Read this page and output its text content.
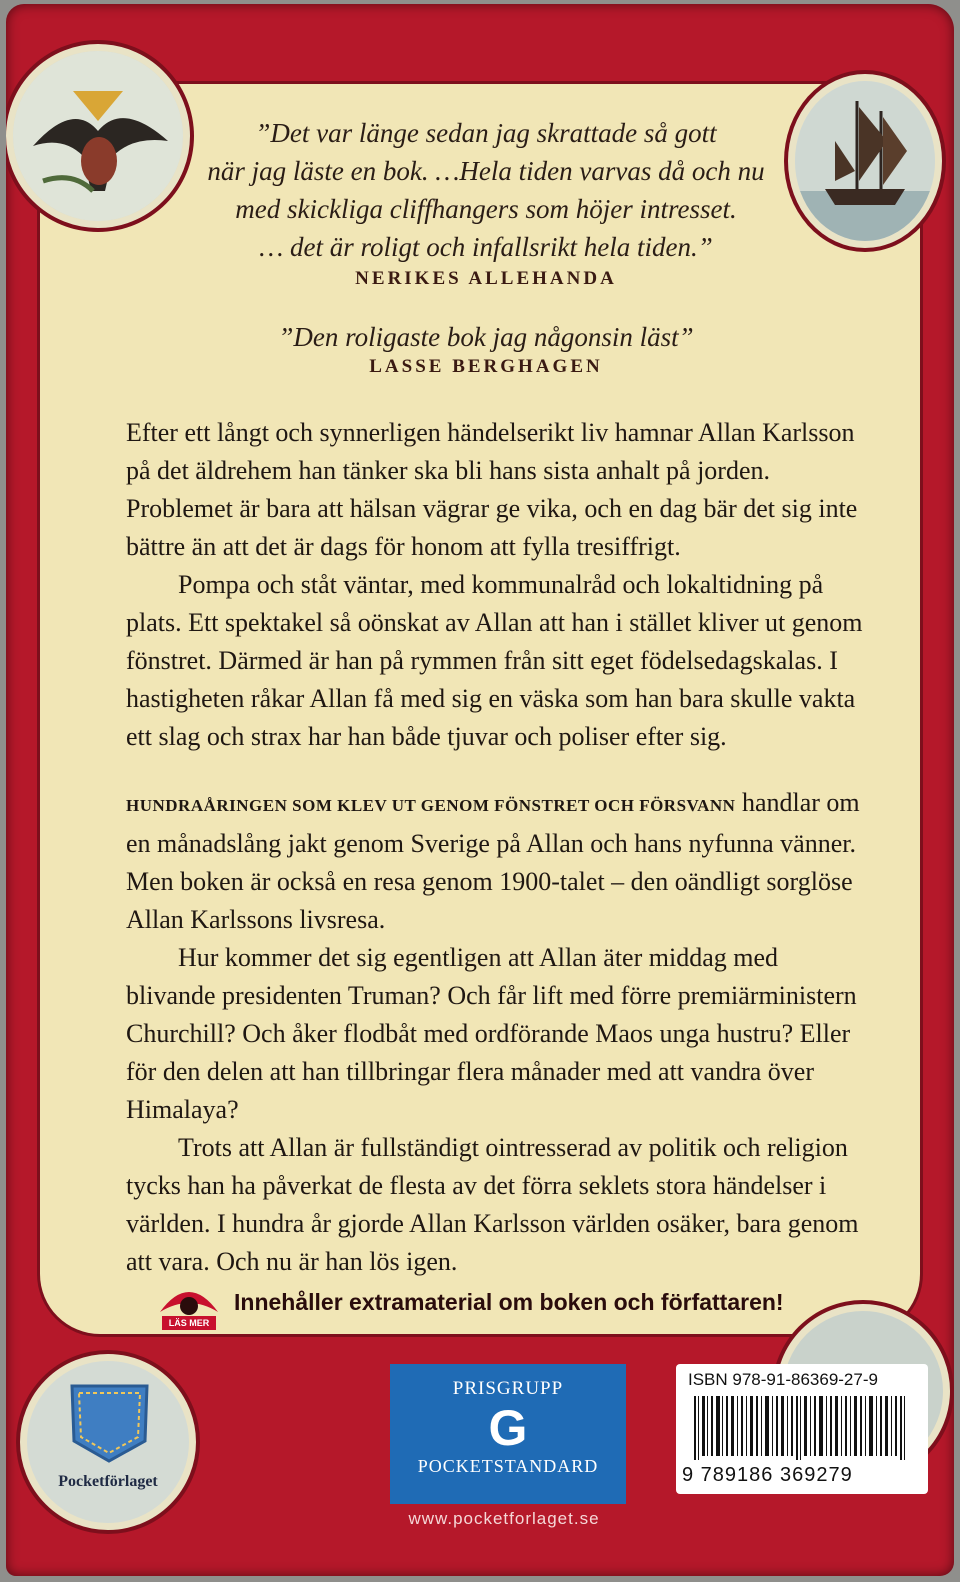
Pocketförlaget
”Det var länge sedan jag skrattade så gott
när jag läste en bok. …Hela tiden varvas då och nu
med skickliga cliffhangers som höjer intresset.
… det är roligt och infallsrikt hela tiden.”
NERIKES ALLEHANDA
”Den roligaste bok jag någonsin läst”
LASSE BERGHAGEN

Efter ett långt och synnerligen händelserikt liv hamnar Allan Karlsson på det äldrehem han tänker ska bli hans sista anhalt på jorden. Problemet är bara att hälsan vägrar ge vika, och en dag bär det sig inte bättre än att det är dags för honom att fylla tresiffrigt.

Pompa och ståt väntar, med kommunalråd och lokaltidning på plats. Ett spektakel så oönskat av Allan att han i stället kliver ut genom fönstret. Därmed är han på rymmen från sitt eget födelsedagskalas. I hastigheten råkar Allan få med sig en väska som han bara skulle vakta ett slag och strax har han både tjuvar och poliser efter sig.

HUNDRAÅRINGEN SOM KLEV UT GENOM FÖNSTRET OCH FÖRSVANN handlar om en månadslång jakt genom Sverige på Allan och hans nyfunna vänner. Men boken är också en resa genom 1900-talet – den oändligt sorglöse Allan Karlssons livsresa.

Hur kommer det sig egentligen att Allan äter middag med blivande presidenten Truman? Och får lift med förre premiärministern Churchill? Och åker flodbåt med ordförande Maos unga hustru? Eller för den delen att han tillbringar flera månader med att vandra över Himalaya?

Trots att Allan är fullständigt ointresserad av politik och religion tycks han ha påverkat de flesta av det förra seklets stora händelser i världen. I hundra år gjorde Allan Karlsson världen osäker, bara genom att vara. Och nu är han lös igen.

LÄS MER
Innehåller extramaterial om boken och författaren!
PRISGRUPP
G
POCKETSTANDARD
www.pocketforlaget.se
ISBN 978-91-86369-27-9
9 789186 369279
